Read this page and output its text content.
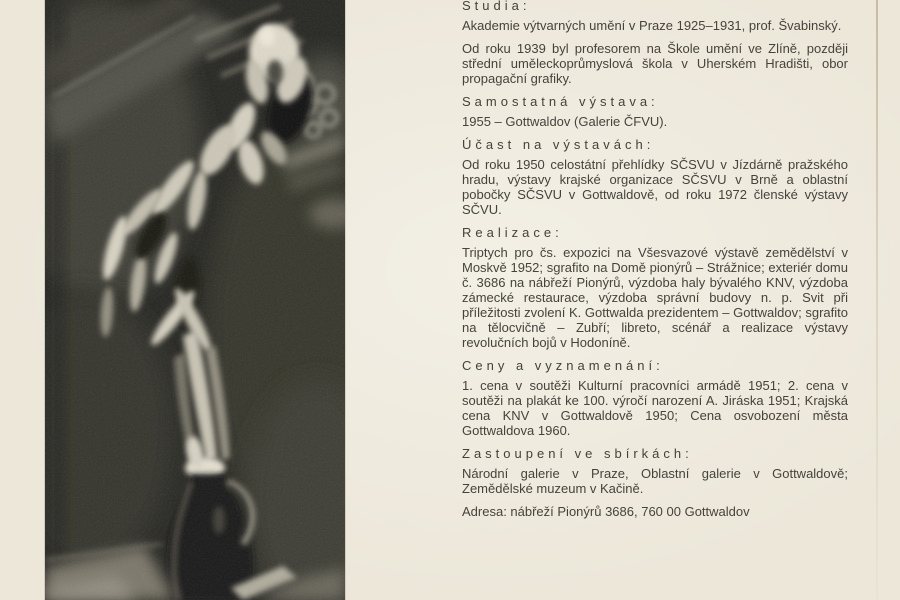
Studia:

Akademie výtvarných umění v Praze 1925–1931, prof. Švabinský.

Od roku 1939 byl profesorem na Škole umění ve Zlíně, později střední uměleckoprůmyslová škola v Uherském Hradišti, obor propagační grafiky.

Samostatná výstava:

1955 – Gottwaldov (Galerie ČFVU).

Účast na výstavách:

Od roku 1950 celostátní přehlídky SČSVU v Jízdárně pražského hradu, výstavy krajské organizace SČSVU v Brně a oblastní pobočky SČSVU v Gottwaldově, od roku 1972 členské výstavy SČVU.

Realizace:

Triptych pro čs. expozici na Všesvazové výstavě zemědělství v Moskvě 1952; sgrafito na Domě pionýrů – Strážnice; exteriér domu č. 3686 na nábřeží Pionýrů, výzdoba haly bývalého KNV, výzdoba zámecké restaurace, výzdoba správní budovy n. p. Svit při příležitosti zvolení K. Gottwalda prezidentem – Gottwaldov; sgrafito na tělocvičně – Zubří; libreto, scénář a realizace výstavy revolučních bojů v Hodoníně.

Ceny a vyznamenání:

1. cena v soutěži Kulturní pracovníci armádě 1951; 2. cena v soutěži na plakát ke 100. výročí narození A. Jiráska 1951; Krajská cena KNV v Gottwaldově 1950; Cena osvobození města Gottwaldova 1960.

Zastoupení ve sbírkách:

Národní galerie v Praze, Oblastní galerie v Gottwaldově; Zemědělské muzeum v Kačině.

Adresa: nábřeží Pionýrů 3686, 760 00 Gottwaldov
